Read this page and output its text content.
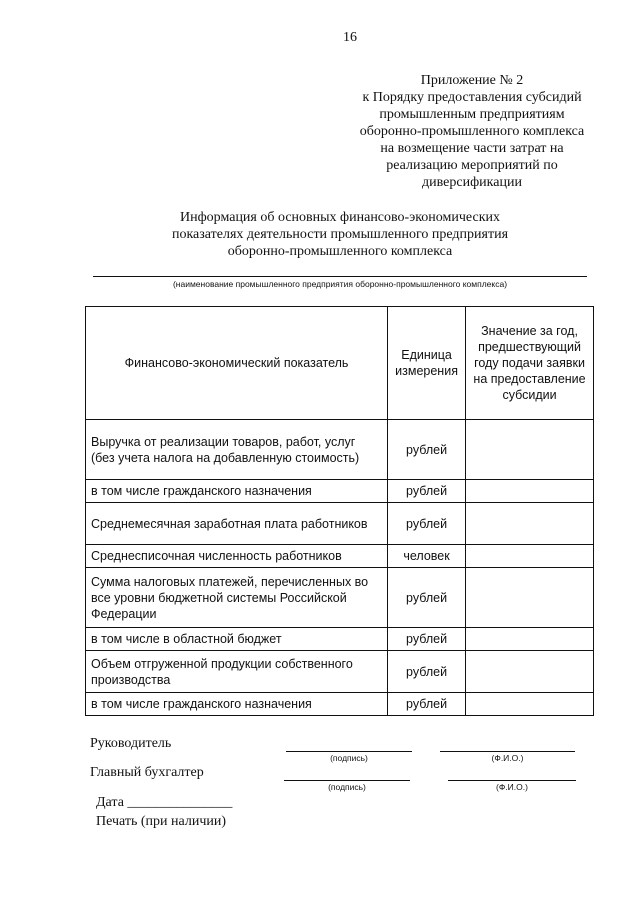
16
Приложение № 2
к Порядку предоставления субсидий
промышленным предприятиям
оборонно-промышленного комплекса
на возмещение части затрат на
реализацию мероприятий по
диверсификации
Информация об основных финансово-экономических
показателях деятельности промышленного предприятия
оборонно-промышленного комплекса
(наименование промышленного предприятия оборонно-промышленного комплекса)
Финансово-экономический показатель	Единица измерения	Значение за год, предшествующий году подачи заявки на предоставление субсидии
Выручка от реализации товаров, работ, услуг (без учета налога на добавленную стоимость)	рублей	
в том числе гражданского назначения	рублей	
Среднемесячная заработная плата работников	рублей	
Среднесписочная численность работников	человек	
Сумма налоговых платежей, перечисленных во все уровни бюджетной системы Российской Федерации	рублей	
в том числе в областной бюджет	рублей	
Объем отгруженной продукции собственного производства	рублей	
в том числе гражданского назначения	рублей	
Руководитель
(подпись)	(Ф.И.О.)
Главный бухгалтер
(подпись)	(Ф.И.О.)
Дата _______________
Печать (при наличии)
